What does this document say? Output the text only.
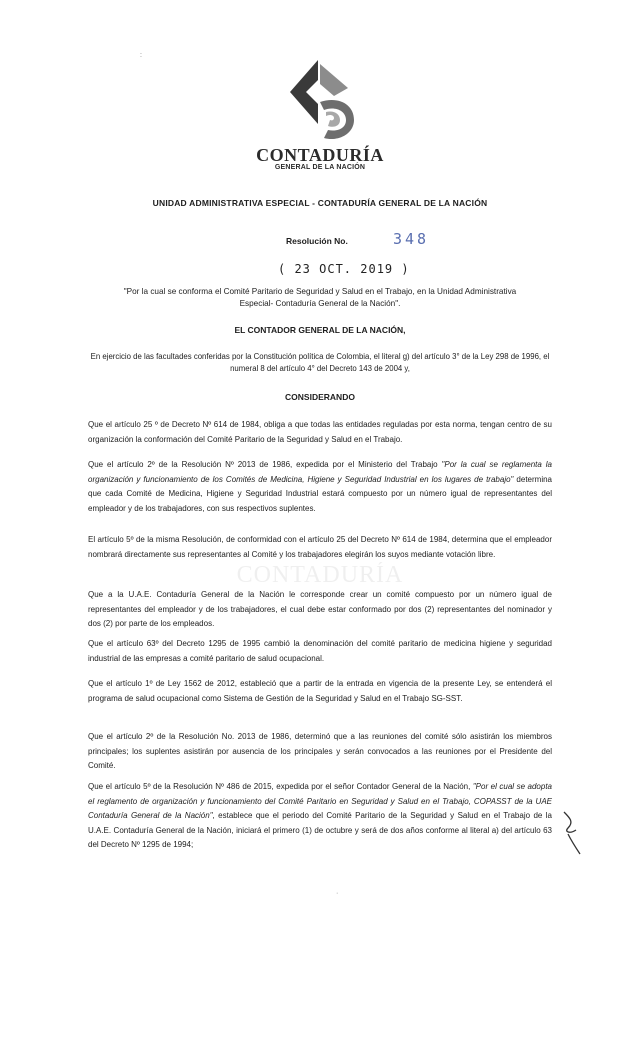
:
CONTADURÍA
GENERAL DE LA NACIÓN
UNIDAD ADMINISTRATIVA ESPECIAL - CONTADURÍA GENERAL DE LA NACIÓN
Resolución No.	348
( 23 OCT. 2019 )
"Por la cual se conforma el Comité Paritario de Seguridad y Salud en el Trabajo, en la Unidad Administrativa Especial- Contaduría General de la Nación".
EL CONTADOR GENERAL DE LA NACIÓN,
En ejercicio de las facultades conferidas por la Constitución política de Colombia, el literal g) del artículo 3° de la Ley 298 de 1996, el numeral 8 del artículo 4° del Decreto 143 de 2004 y,
CONSIDERANDO
CONTADURÍA
Que el artículo 25 º de Decreto Nº 614 de 1984, obliga a que todas las entidades reguladas por esta norma, tengan centro de su organización la conformación del Comité Paritario de la Seguridad y Salud en el Trabajo.
Que el artículo 2º de la Resolución Nº 2013 de 1986, expedida por el Ministerio del Trabajo "Por la cual se reglamenta la organización y funcionamiento de los Comités de Medicina, Higiene y Seguridad Industrial en los lugares de trabajo" determina que cada Comité de Medicina, Higiene y Seguridad Industrial estará compuesto por un número igual de representantes del empleador y de los trabajadores, con sus respectivos suplentes.
El artículo 5º de la misma Resolución, de conformidad con el artículo 25 del Decreto Nº 614 de 1984, determina que el empleador nombrará directamente sus representantes al Comité y los trabajadores elegirán los suyos mediante votación libre.
Que a la U.A.E. Contaduría General de la Nación le corresponde crear un comité compuesto por un número igual de representantes del empleador y de los trabajadores, el cual debe estar conformado por dos (2) representantes del nominador y dos (2) por parte de los empleados.
Que el artículo 63º del Decreto 1295 de 1995 cambió la denominación del comité paritario de medicina higiene y seguridad industrial de las empresas a comité paritario de salud ocupacional.
Que el artículo 1º de Ley 1562 de 2012, estableció que a partir de la entrada en vigencia de la presente Ley, se entenderá el programa de salud ocupacional como Sistema de Gestión de la Seguridad y Salud en el Trabajo SG-SST.
Que el artículo 2º de la Resolución No. 2013 de 1986, determinó que a las reuniones del comité sólo asistirán los miembros principales; los suplentes asistirán por ausencia de los principales y serán convocados a las reuniones por el Presidente del Comité.
Que el artículo 5º de la Resolución Nº 486 de 2015, expedida por el señor Contador General de la Nación, "Por el cual se adopta el reglamento de organización y funcionamiento del Comité Paritario en Seguridad y Salud en el Trabajo, COPASST de la UAE Contaduría General de la Nación", establece que el periodo del Comité Paritario de la Seguridad y Salud en el Trabajo de la U.A.E. Contaduría General de la Nación, iniciará el primero (1) de octubre y será de dos años conforme al literal a) del artículo 63 del Decreto Nº 1295 de 1994;
·
